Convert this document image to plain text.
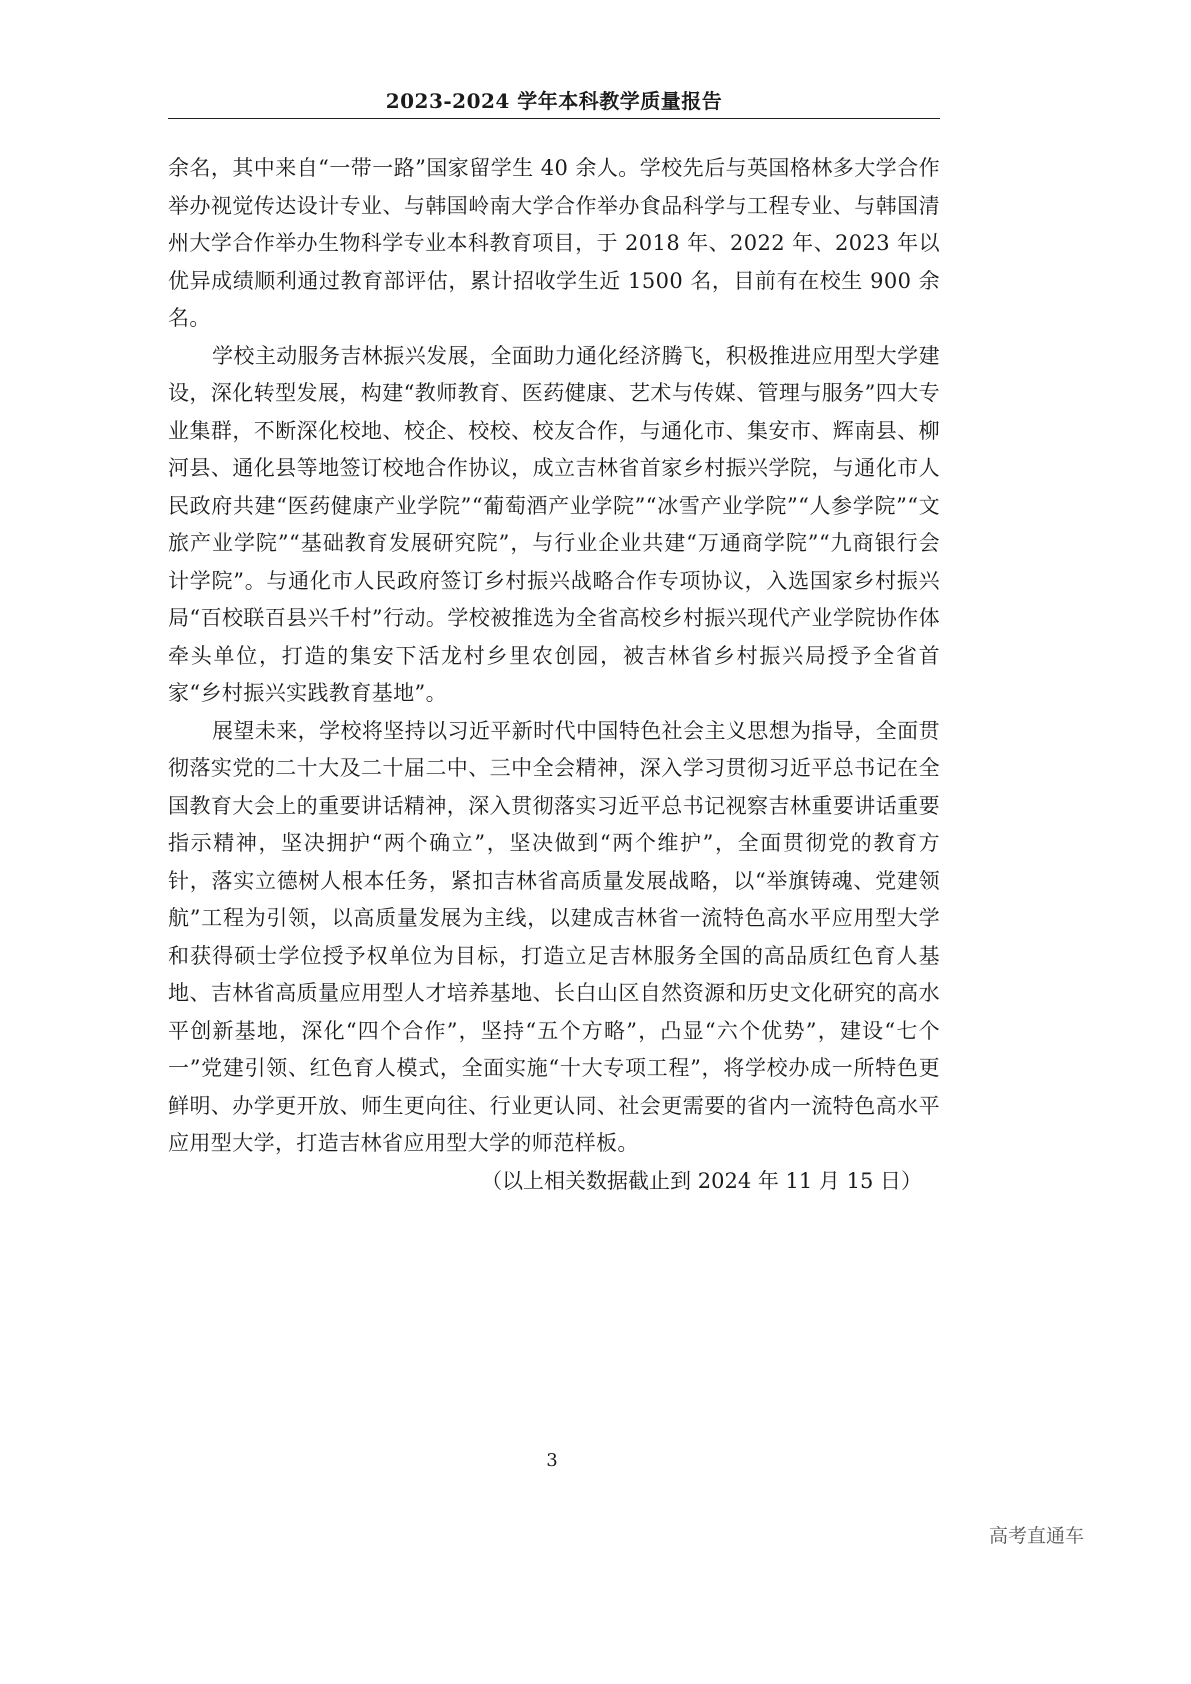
2023-2024 学年本科教学质量报告

余名，其中来自“一带一路”国家留学生 40 余人。学校先后与英国格林多大学合作举办视觉传达设计专业、与韩国岭南大学合作举办食品科学与工程专业、与韩国清州大学合作举办生物科学专业本科教育项目，于 2018 年、2022 年、2023 年以优异成绩顺利通过教育部评估，累计招收学生近 1500 名，目前有在校生 900 余名。

学校主动服务吉林振兴发展，全面助力通化经济腾飞，积极推进应用型大学建设，深化转型发展，构建“教师教育、医药健康、艺术与传媒、管理与服务”四大专业集群，不断深化校地、校企、校校、校友合作，与通化市、集安市、辉南县、柳河县、通化县等地签订校地合作协议，成立吉林省首家乡村振兴学院，与通化市人民政府共建“医药健康产业学院”“葡萄酒产业学院”“冰雪产业学院”“人参学院”“文旅产业学院”“基础教育发展研究院”，与行业企业共建“万通商学院”“九商银行会计学院”。与通化市人民政府签订乡村振兴战略合作专项协议，入选国家乡村振兴局“百校联百县兴千村”行动。学校被推选为全省高校乡村振兴现代产业学院协作体牵头单位，打造的集安下活龙村乡里农创园，被吉林省乡村振兴局授予全省首家“乡村振兴实践教育基地”。

展望未来，学校将坚持以习近平新时代中国特色社会主义思想为指导，全面贯彻落实党的二十大及二十届二中、三中全会精神，深入学习贯彻习近平总书记在全国教育大会上的重要讲话精神，深入贯彻落实习近平总书记视察吉林重要讲话重要指示精神，坚决拥护“两个确立”，坚决做到“两个维护”，全面贯彻党的教育方针，落实立德树人根本任务，紧扣吉林省高质量发展战略，以“举旗铸魂、党建领航”工程为引领，以高质量发展为主线，以建成吉林省一流特色高水平应用型大学和获得硕士学位授予权单位为目标，打造立足吉林服务全国的高品质红色育人基地、吉林省高质量应用型人才培养基地、长白山区自然资源和历史文化研究的高水平创新基地，深化“四个合作”，坚持“五个方略”，凸显“六个优势”，建设“七个一”党建引领、红色育人模式，全面实施“十大专项工程”，将学校办成一所特色更鲜明、办学更开放、师生更向往、行业更认同、社会更需要的省内一流特色高水平应用型大学，打造吉林省应用型大学的师范样板。

（以上相关数据截止到 2024 年 11 月 15 日）

3
高考直通车
